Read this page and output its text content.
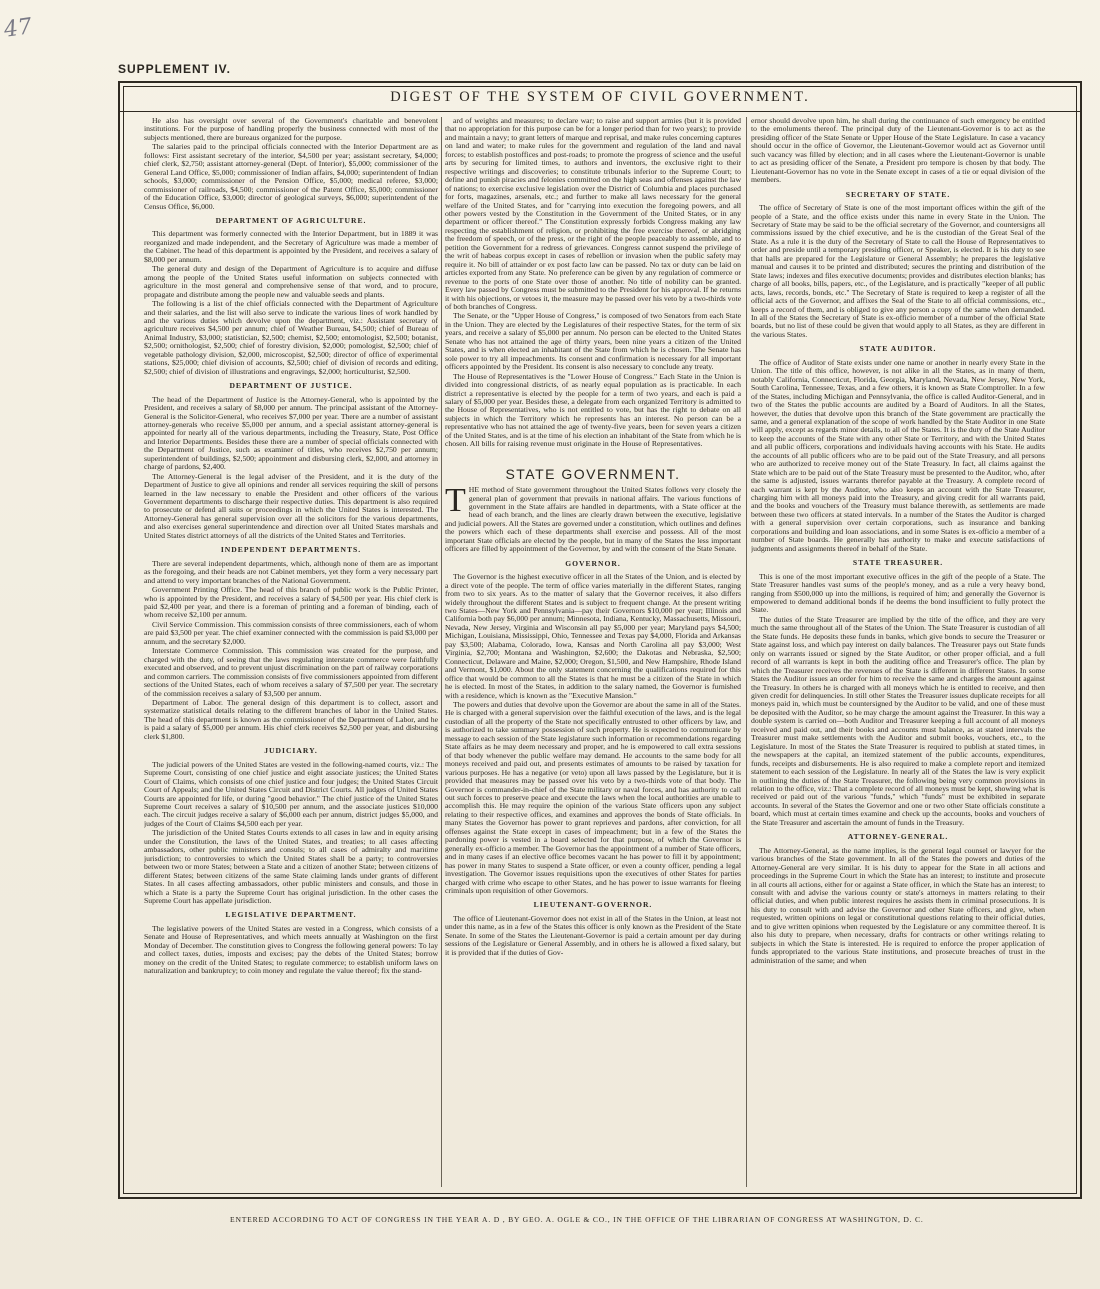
47
SUPPLEMENT IV.
DIGEST OF THE SYSTEM OF CIVIL GOVERNMENT.

He also has oversight over several of the Government's charitable and benevolent institutions. For the purpose of handling properly the business connected with most of the subjects mentioned, there are bureaus organized for the purpose.

The salaries paid to the principal officials connected with the Interior Department are as follows: First assistant secretary of the interior, $4,500 per year; assistant secretary, $4,000; chief clerk, $2,750; assistant attorney-general (Dept. of Interior), $5,000; commissioner of the General Land Office, $5,000; commissioner of Indian affairs, $4,000; superintendent of Indian schools, $3,000; commissioner of the Pension Office, $5,000; medical referee, $3,000; commissioner of railroads, $4,500; commissioner of the Patent Office, $5,000; commissioner of the Education Office, $3,000; director of geological surveys, $6,000; superintendent of the Census Office, $6,000.

DEPARTMENT OF AGRICULTURE.

This department was formerly connected with the Interior Department, but in 1889 it was reorganized and made independent, and the Secretary of Agriculture was made a member of the Cabinet. The head of this department is appointed by the President, and receives a salary of $8,000 per annum.

The general duty and design of the Department of Agriculture is to acquire and diffuse among the people of the United States useful information on subjects connected with agriculture in the most general and comprehensive sense of that word, and to procure, propagate and distribute among the people new and valuable seeds and plants.

The following is a list of the chief officials connected with the Department of Agriculture and their salaries, and the list will also serve to indicate the various lines of work handled by and the various duties which devolve upon the department, viz.: Assistant secretary of agriculture receives $4,500 per annum; chief of Weather Bureau, $4,500; chief of Bureau of Animal Industry, $3,000; statistician, $2,500; chemist, $2,500; entomologist, $2,500; botanist, $2,500; ornithologist, $2,500; chief of forestry division, $2,000; pomologist, $2,500; chief of vegetable pathology division, $2,000, microscopist, $2,500; director of office of experimental stations, $25,000; chief division of accounts, $2,500; chief of division of records and editing, $2,500; chief of division of illustrations and engravings, $2,000; horticulturist, $2,500.

DEPARTMENT OF JUSTICE.

The head of the Department of Justice is the Attorney-General, who is appointed by the President, and receives a salary of $8,000 per annum. The principal assistant of the Attorney-General is the Solicitor-General, who receives $7,000 per year. There are a number of assistant attorney-generals who receive $5,000 per annum, and a special assistant attorney-general is appointed for nearly all of the various departments, including the Treasury, State, Post Office and Interior Departments. Besides these there are a number of special officials connected with the Department of Justice, such as examiner of titles, who receives $2,750 per annum; superintendent of buildings, $2,500; appointment and disbursing clerk, $2,000, and attorney in charge of pardons, $2,400.

The Attorney-General is the legal adviser of the President, and it is the duty of the Department of Justice to give all opinions and render all services requiring the skill of persons learned in the law necessary to enable the President and other officers of the various Government departments to discharge their respective duties. This department is also required to prosecute or defend all suits or proceedings in which the United States is interested. The Attorney-General has general supervision over all the solicitors for the various departments, and also exercises general superintendence and direction over all United States marshals and United States district attorneys of all the districts of the United States and Territories.

INDEPENDENT DEPARTMENTS.

There are several independent departments, which, although none of them are as important as the foregoing, and their heads are not Cabinet members, yet they form a very necessary part and attend to very important branches of the National Government.

Government Printing Office. The head of this branch of public work is the Public Printer, who is appointed by the President, and receives a salary of $4,500 per year. His chief clerk is paid $2,400 per year, and there is a foreman of printing and a foreman of binding, each of whom receive $2,100 per annum.

Civil Service Commission. This commission consists of three commissioners, each of whom are paid $3,500 per year. The chief examiner connected with the commission is paid $3,000 per annum, and the secretary $2,000.

Interstate Commerce Commission. This commission was created for the purpose, and charged with the duty, of seeing that the laws regulating interstate commerce were faithfully executed and observed, and to prevent unjust discrimination on the part of railway corporations and common carriers. The commission consists of five commissioners appointed from different sections of the United States, each of whom receives a salary of $7,500 per year. The secretary of the commission receives a salary of $3,500 per annum.

Department of Labor. The general design of this department is to collect, assort and systematize statistical details relating to the different branches of labor in the United States. The head of this department is known as the commissioner of the Department of Labor, and he is paid a salary of $5,000 per annum. His chief clerk receives $2,500 per year, and disbursing clerk $1,800.

JUDICIARY.

The judicial powers of the United States are vested in the following-named courts, viz.: The Supreme Court, consisting of one chief justice and eight associate justices; the United States Court of Claims, which consists of one chief justice and four judges; the United States Circuit Court of Appeals; and the United States Circuit and District Courts. All judges of United States Courts are appointed for life, or during "good behavior." The chief justice of the United States Supreme Court receives a salary of $10,500 per annum, and the associate justices $10,000 each. The circuit judges receive a salary of $6,000 each per annum, district judges $5,000, and judges of the Court of Claims $4,500 each per year.

The jurisdiction of the United States Courts extends to all cases in law and in equity arising under the Constitution, the laws of the United States, and treaties; to all cases affecting ambassadors, other public ministers and consuls; to all cases of admiralty and maritime jurisdiction; to controversies to which the United States shall be a party; to controversies between two or more States; between a State and a citizen of another State; between citizens of different States; between citizens of the same State claiming lands under grants of different States. In all cases affecting ambassadors, other public ministers and consuls, and those in which a State is a party the Supreme Court has original jurisdiction. In the other cases the Supreme Court has appellate jurisdiction.

LEGISLATIVE DEPARTMENT.

The legislative powers of the United States are vested in a Congress, which consists of a Senate and House of Representatives, and which meets annually at Washington on the first Monday of December. The constitution gives to Congress the following general powers: To lay and collect taxes, duties, imposts and excises; pay the debts of the United States; borrow money on the credit of the United States; to regulate commerce; to establish uniform laws on naturalization and bankruptcy; to coin money and regulate the value thereof; fix the stand-

ard of weights and measures; to declare war; to raise and support armies (but it is provided that no appropriation for this purpose can be for a longer period than for two years); to provide and maintain a navy; to grant letters of marque and reprisal, and make rules concerning captures on land and water; to make rules for the government and regulation of the land and naval forces; to establish postoffices and post-roads; to promote the progress of science and the useful arts by securing for limited times, to authors and inventors, the exclusive right to their respective writings and discoveries; to constitute tribunals inferior to the Supreme Court; to define and punish piracies and felonies committed on the high seas and offenses against the law of nations; to exercise exclusive legislation over the District of Columbia and places purchased for forts, magazines, arsenals, etc.; and further to make all laws necessary for the general welfare of the United States, and for "carrying into execution the foregoing powers, and all other powers vested by the Constitution in the Government of the United States, or in any department or officer thereof." The Constitution expressly forbids Congress making any law respecting the establishment of religion, or prohibiting the free exercise thereof, or abridging the freedom of speech, or of the press, or the right of the people peaceably to assemble, and to petition the Government for a redress of grievances. Congress cannot suspend the privilege of the writ of habeas corpus except in cases of rebellion or invasion when the public safety may require it. No bill of attainder or ex post facto law can be passed. No tax or duty can be laid on articles exported from any State. No preference can be given by any regulation of commerce or revenue to the ports of one State over those of another. No title of nobility can be granted. Every law passed by Congress must be submitted to the President for his approval. If he returns it with his objections, or vetoes it, the measure may be passed over his veto by a two-thirds vote of both branches of Congress.

The Senate, or the "Upper House of Congress," is composed of two Senators from each State in the Union. They are elected by the Legislatures of their respective States, for the term of six years, and receive a salary of $5,000 per annum. No person can be elected to the United States Senate who has not attained the age of thirty years, been nine years a citizen of the United States, and is when elected an inhabitant of the State from which he is chosen. The Senate has sole power to try all impeachments. Its consent and confirmation is necessary for all important officers appointed by the President. Its consent is also necessary to conclude any treaty.

The House of Representatives is the "Lower House of Congress." Each State in the Union is divided into congressional districts, of as nearly equal population as is practicable. In each district a representative is elected by the people for a term of two years, and each is paid a salary of $5,000 per year. Besides these, a delegate from each organized Territory is admitted to the House of Representatives, who is not entitled to vote, but has the right to debate on all subjects in which the Territory which he represents has an interest. No person can be a representative who has not attained the age of twenty-five years, been for seven years a citizen of the United States, and is at the time of his election an inhabitant of the State from which he is chosen. All bills for raising revenue must originate in the House of Representatives.

STATE GOVERNMENT.

THE method of State government throughout the United States follows very closely the general plan of government that prevails in national affairs. The various functions of government in the State affairs are handled in departments, with a State officer at the head of each branch, and the lines are clearly drawn between the executive, legislative and judicial powers. All the States are governed under a constitution, which outlines and defines the powers which each of these departments shall exercise and possess. All of the most important State officials are elected by the people, but in many of the States the less important officers are filled by appointment of the Governor, by and with the consent of the State Senate.

GOVERNOR.

The Governor is the highest executive officer in all the States of the Union, and is elected by a direct vote of the people. The term of office varies materially in the different States, ranging from two to six years. As to the matter of salary that the Governor receives, it also differs widely throughout the different States and is subject to frequent change. At the present writing two States—New York and Pennsylvania—pay their Governors $10,000 per year; Illinois and California both pay $6,000 per annum; Minnesota, Indiana, Kentucky, Massachusetts, Missouri, Nevada, New Jersey, Virginia and Wisconsin all pay $5,000 per year; Maryland pays $4,500; Michigan, Louisiana, Mississippi, Ohio, Tennessee and Texas pay $4,000, Florida and Arkansas pay $3,500; Alabama, Colorado, Iowa, Kansas and North Carolina all pay $3,000; West Virginia, $2,700; Montana and Washington, $2,600; the Dakotas and Nebraska, $2,500; Connecticut, Delaware and Maine, $2,000; Oregon, $1,500, and New Hampshire, Rhode Island and Vermont, $1,000. About the only statement concerning the qualifications required for this office that would be common to all the States is that he must be a citizen of the State in which he is elected. In most of the States, in addition to the salary named, the Governor is furnished with a residence, which is known as the "Executive Mansion."

The powers and duties that devolve upon the Governor are about the same in all of the States. He is charged with a general supervision over the faithful execution of the laws, and is the legal custodian of all the property of the State not specifically entrusted to other officers by law, and is authorized to take summary possession of such property. He is expected to communicate by message to each session of the State legislature such information or recommendations regarding State affairs as he may deem necessary and proper, and he is empowered to call extra sessions of that body whenever the public welfare may demand. He accounts to the same body for all moneys received and paid out, and presents estimates of amounts to be raised by taxation for various purposes. He has a negative (or veto) upon all laws passed by the Legislature, but it is provided that measures may be passed over his veto by a two-thirds vote of that body. The Governor is commander-in-chief of the State military or naval forces, and has authority to call out such forces to preserve peace and execute the laws when the local authorities are unable to accomplish this. He may require the opinion of the various State officers upon any subject relating to their respective offices, and examines and approves the bonds of State officials. In many States the Governor has power to grant reprieves and pardons, after conviction, for all offenses against the State except in cases of impeachment; but in a few of the States the pardoning power is vested in a board selected for that purpose, of which the Governor is generally ex-officio a member. The Governor has the appointment of a number of State officers, and in many cases if an elective office becomes vacant he has power to fill it by appointment; has power in many States to suspend a State officer, or even a county officer, pending a legal investigation. The Governor issues requisitions upon the executives of other States for parties charged with crime who escape to other States, and he has power to issue warrants for fleeing criminals upon requisition of other Governors.

LIEUTENANT-GOVERNOR.

The office of Lieutenant-Governor does not exist in all of the States in the Union, at least not under this name, as in a few of the States this officer is only known as the President of the State Senate. In some of the States the Lieutenant-Governor is paid a certain amount per day during sessions of the Legislature or General Assembly, and in others he is allowed a fixed salary, but it is provided that if the duties of Gov-

ernor should devolve upon him, he shall during the continuance of such emergency be entitled to the emoluments thereof. The principal duty of the Lieutenant-Governor is to act as the presiding officer of the State Senate or Upper House of the State Legislature. In case a vacancy should occur in the office of Governor, the Lieutenant-Governor would act as Governor until such vacancy was filled by election; and in all cases where the Lieutenant-Governor is unable to act as presiding officer of the Senate, a President pro tempore is chosen by that body. The Lieutenant-Governor has no vote in the Senate except in cases of a tie or equal division of the members.

SECRETARY OF STATE.

The office of Secretary of State is one of the most important offices within the gift of the people of a State, and the office exists under this name in every State in the Union. The Secretary of State may be said to be the official secretary of the Governor, and countersigns all commissions issued by the chief executive, and he is the custodian of the Great Seal of the State. As a rule it is the duty of the Secretary of State to call the House of Representatives to order and preside until a temporary presiding officer, or Speaker, is elected. It is his duty to see that halls are prepared for the Legislature or General Assembly; he prepares the legislative manual and causes it to be printed and distributed; secures the printing and distribution of the State laws; indexes and files executive documents; provides and distributes election blanks; has charge of all books, bills, papers, etc., of the Legislature, and is practically "keeper of all public acts, laws, records, bonds, etc." The Secretary of State is required to keep a register of all the official acts of the Governor, and affixes the Seal of the State to all official commissions, etc., keeps a record of them, and is obliged to give any person a copy of the same when demanded. In all of the States the Secretary of State is ex-officio member of a number of the official State boards, but no list of these could be given that would apply to all States, as they are different in the various States.

STATE AUDITOR.

The office of Auditor of State exists under one name or another in nearly every State in the Union. The title of this office, however, is not alike in all the States, as in many of them, notably California, Connecticut, Florida, Georgia, Maryland, Nevada, New Jersey, New York, South Carolina, Tennessee, Texas, and a few others, it is known as State Comptroller. In a few of the States, including Michigan and Pennsylvania, the office is called Auditor-General, and in two of the States the public accounts are audited by a Board of Auditors. In all the States, however, the duties that devolve upon this branch of the State government are practically the same, and a general explanation of the scope of work handled by the State Auditor in one State will apply, except as regards minor details, to all of the States. It is the duty of the State Auditor to keep the accounts of the State with any other State or Territory, and with the United States and all public officers, corporations and individuals having accounts with his State. He audits the accounts of all public officers who are to be paid out of the State Treasury, and all persons who are authorized to receive money out of the State Treasury. In fact, all claims against the State which are to be paid out of the State Treasury must be presented to the Auditor, who, after the same is adjusted, issues warrants therefor payable at the Treasury. A complete record of each warrant is kept by the Auditor, who also keeps an account with the State Treasurer, charging him with all moneys paid into the Treasury, and giving credit for all warrants paid, and the books and vouchers of the Treasury must balance therewith, as settlements are made between these two officers at stated intervals. In a number of the States the Auditor is charged with a general supervision over certain corporations, such as insurance and banking corporations and building and loan associations, and in some States is ex-officio a member of a number of State boards. He generally has authority to make and execute satisfactions of judgments and assignments thereof in behalf of the State.

STATE TREASURER.

This is one of the most important executive offices in the gift of the people of a State. The State Treasurer handles vast sums of the people's money, and as a rule a very heavy bond, ranging from $500,000 up into the millions, is required of him; and generally the Governor is empowered to demand additional bonds if he deems the bond insufficient to fully protect the State.

The duties of the State Treasurer are implied by the title of the office, and they are very much the same throughout all of the States of the Union. The State Treasurer is custodian of all the State funds. He deposits these funds in banks, which give bonds to secure the Treasurer or State against loss, and which pay interest on daily balances. The Treasurer pays out State funds only on warrants issued or signed by the State Auditor, or other proper official, and a full record of all warrants is kept in both the auditing office and Treasurer's office. The plan by which the Treasurer receives the revenues of the State is different in different States. In some States the Auditor issues an order for him to receive the same and charges the amount against the Treasury. In others he is charged with all moneys which he is entitled to receive, and then given credit for delinquencies. In still other States the Treasurer issues duplicate receipts for all moneys paid in, which must be countersigned by the Auditor to be valid, and one of these must be deposited with the Auditor, so he may charge the amount against the Treasurer. In this way a double system is carried on—both Auditor and Treasurer keeping a full account of all moneys received and paid out, and their books and accounts must balance, as at stated intervals the Treasurer must make settlements with the Auditor and submit books, vouchers, etc., to the Legislature. In most of the States the State Treasurer is required to publish at stated times, in the newspapers at the capital, an itemized statement of the public accounts, expenditures, funds, receipts and disbursements. He is also required to make a complete report and itemized statement to each session of the Legislature. In nearly all of the States the law is very explicit in outlining the duties of the State Treasurer, the following being very common provisions in relation to the office, viz.: That a complete record of all moneys must be kept, showing what is received or paid out of the various "funds," which "funds" must be exhibited in separate accounts. In several of the States the Governor and one or two other State officials constitute a board, which must at certain times examine and check up the accounts, books and vouchers of the State Treasurer and ascertain the amount of funds in the Treasury.

ATTORNEY-GENERAL.

The Attorney-General, as the name implies, is the general legal counsel or lawyer for the various branches of the State government. In all of the States the powers and duties of the Attorney-General are very similar. It is his duty to appear for the State in all actions and proceedings in the Supreme Court in which the State has an interest; to institute and prosecute in all courts all actions, either for or against a State officer, in which the State has an interest; to consult with and advise the various county or state's attorneys in matters relating to their official duties, and when public interest requires he assists them in criminal prosecutions. It is his duty to consult with and advise the Governor and other State officers, and give, when requested, written opinions on legal or constitutional questions relating to their official duties, and to give written opinions when requested by the Legislature or any committee thereof. It is also his duty to prepare, when necessary, drafts for contracts or other writings relating to subjects in which the State is interested. He is required to enforce the proper application of funds appropriated to the various State institutions, and prosecute breaches of trust in the administration of the same; and when

ENTERED ACCORDING TO ACT OF CONGRESS IN THE YEAR A. D , BY GEO. A. OGLE & CO., IN THE OFFICE OF THE LIBRARIAN OF CONGRESS AT WASHINGTON, D. C.
